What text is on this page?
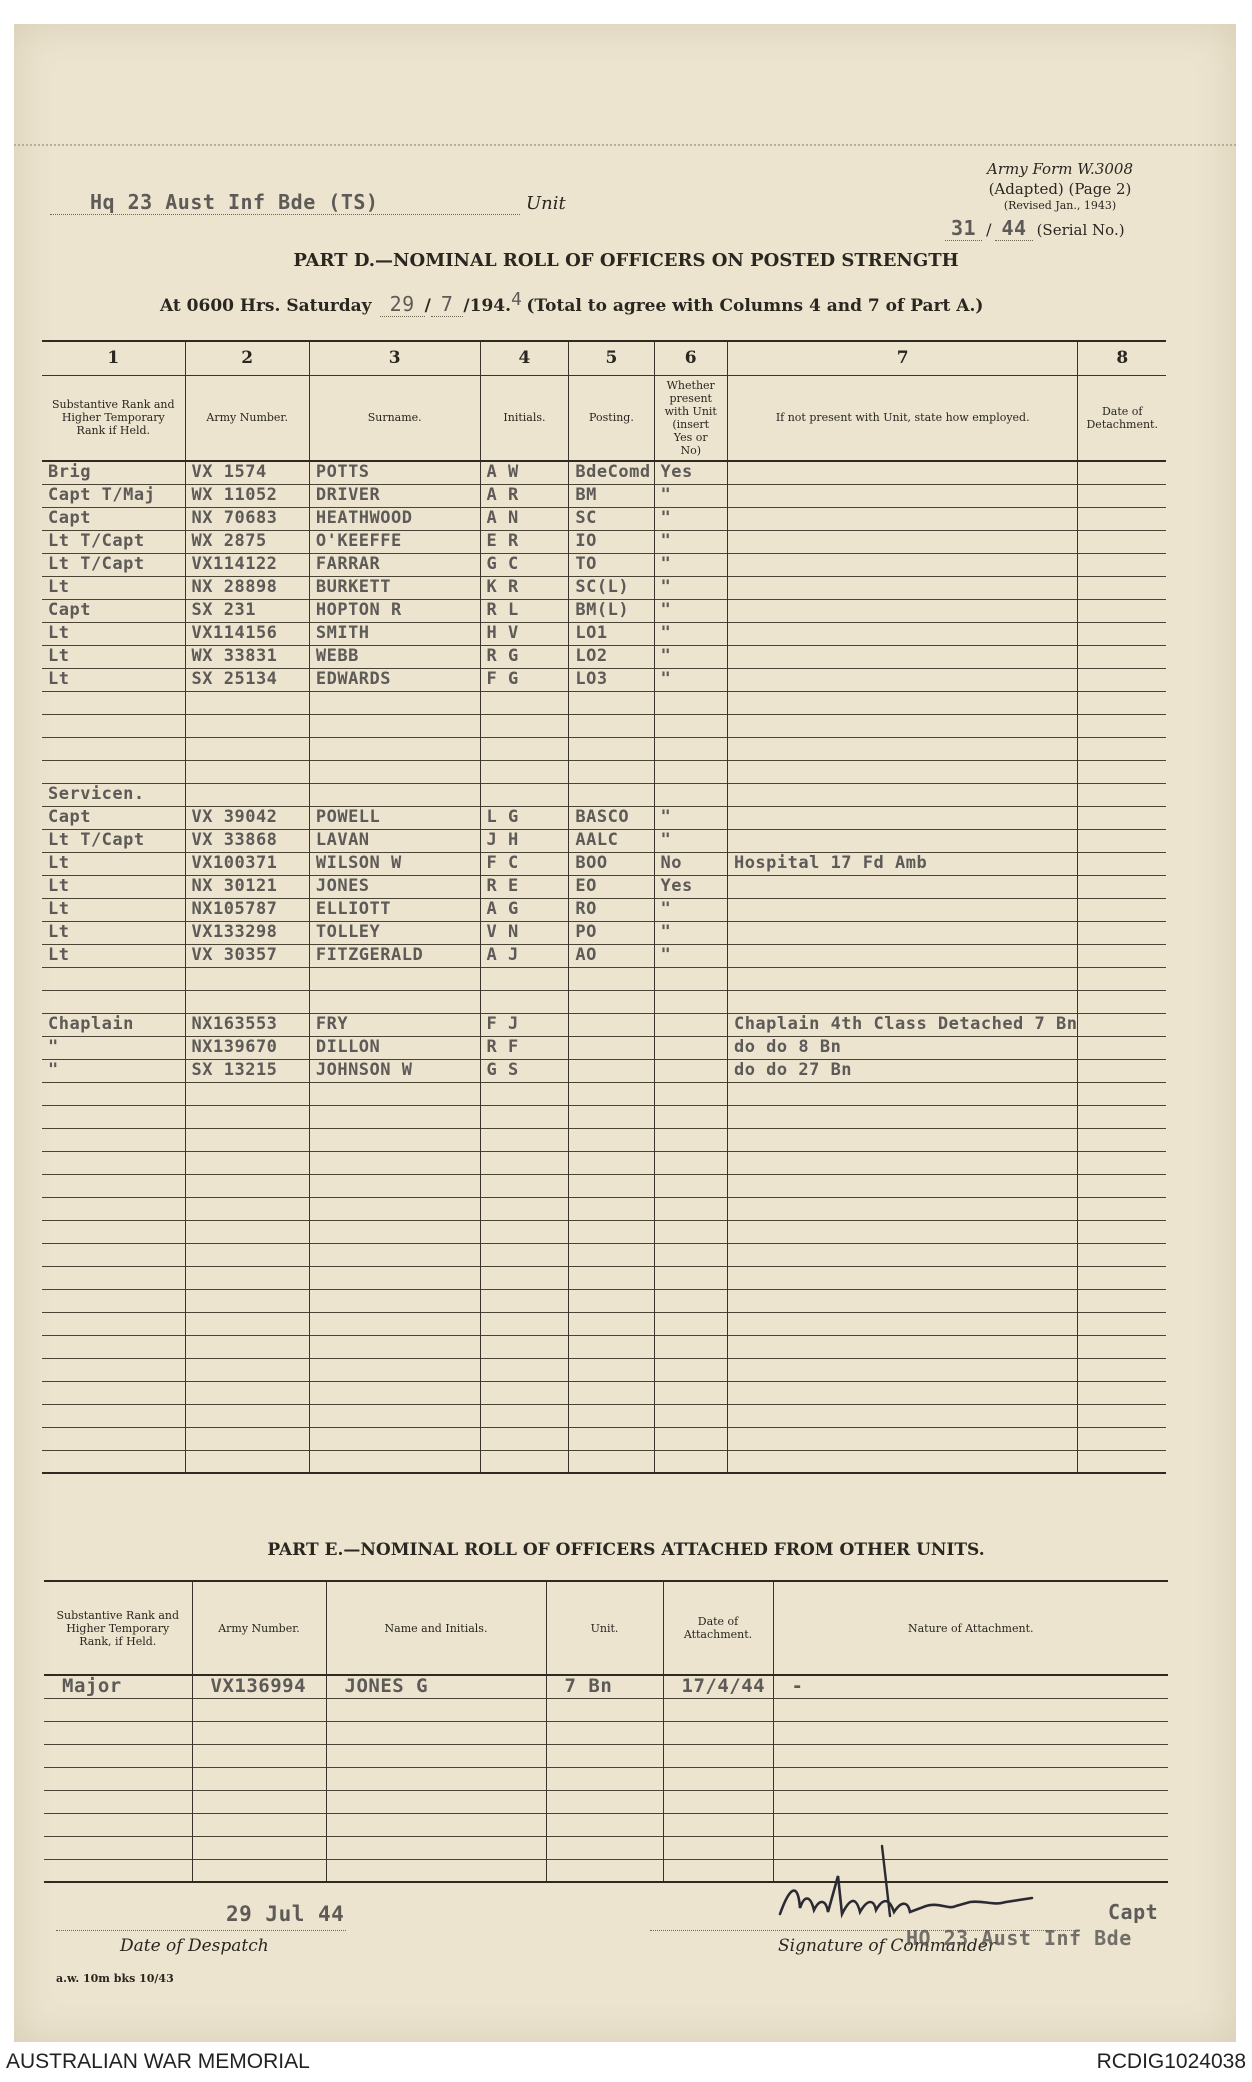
Army Form W.3008
(Adapted) (Page 2)
(Revised Jan., 1943)
31 / 44 (Serial No.)
Hq 23 Aust Inf Bde (TS)	Unit
PART D.—NOMINAL ROLL OF OFFICERS ON POSTED STRENGTH
At 0600 Hrs. Saturday 29 / 7 /194. 4 (Total to agree with Columns 4 and 7 of Part A.)
1	2	3	4	5	6	7	8
Substantive Rank and Higher Temporary Rank if Held.	Army Number.	Surname.	Initials.	Posting.	Whether present with Unit (insert Yes or No)	If not present with Unit, state how employed.	Date of Detachment.
Brig	VX 1574	POTTS	A W	BdeComd	Yes		
Capt T/Maj	WX 11052	DRIVER	A R	BM	"		
Capt	NX 70683	HEATHWOOD	A N	SC	"		
Lt T/Capt	WX 2875	O'KEEFFE	E R	IO	"		
Lt T/Capt	VX114122	FARRAR	G C	TO	"		
Lt	NX 28898	BURKETT	K R	SC(L)	"		
Capt	SX 231	HOPTON R	R L	BM(L)	"		
Lt	VX114156	SMITH	H V	LO1	"		
Lt	WX 33831	WEBB	R G	LO2	"		
Lt	SX 25134	EDWARDS	F G	LO3	"		

Servicen.							
Capt	VX 39042	POWELL	L G	BASCO	"		
Lt T/Capt	VX 33868	LAVAN	J H	AALC	"		
Lt	VX100371	WILSON W	F C	BOO	No	Hospital 17 Fd Amb	
Lt	NX 30121	JONES	R E	EO	Yes		
Lt	NX105787	ELLIOTT	A G	RO	"		
Lt	VX133298	TOLLEY	V N	PO	"		
Lt	VX 30357	FITZGERALD	A J	AO	"		

Chaplain	NX163553	FRY	F J			Chaplain 4th Class Detached 7 Bn	
"	NX139670	DILLON	R F			do do 8 Bn	
"	SX 13215	JOHNSON W	G S			do do 27 Bn	

PART E.—NOMINAL ROLL OF OFFICERS ATTACHED FROM OTHER UNITS.
Substantive Rank and Higher Temporary Rank, if Held.	Army Number.	Name and Initials.	Unit.	Date of Attachment.	Nature of Attachment.
Major	VX136994	JONES G	7 Bn	17/4/44	-

29 Jul 44
Date of Despatch	Signature of Commander
Capt
HQ 23 Aust Inf Bde
a.w. 10m bks 10/43
AUSTRALIAN WAR MEMORIAL	RCDIG1024038
